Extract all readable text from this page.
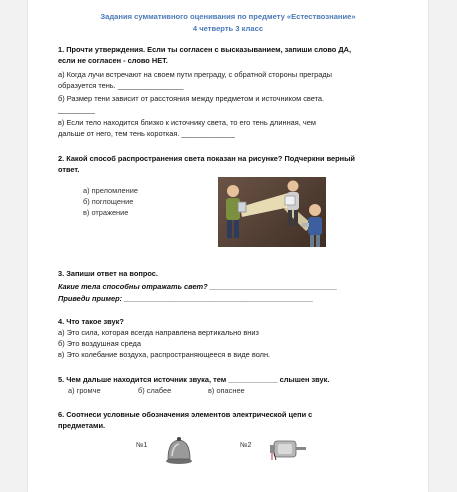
Задания суммативного оценивания по предмету «Естествознание»
4 четверть 3 класс
1. Прочти утверждения. Если ты согласен с высказыванием, запиши слово ДА,
если не согласен - слово НЕТ.
а) Когда лучи встречают на своем пути преграду, с обратной стороны преграды
образуется тень. ________________
б) Размер тени зависит от расстояния между предметом и источником света.
_________
в) Если тело находится близко к источнику света, то его тень длинная, чем
дальше от него, тем тень короткая. _____________
2. Какой способ распространения света показан на рисунке? Подчеркни верный
ответ.
а) преломление
б) поглощение
в) отражение
3. Запиши ответ на вопрос.
Какие тела способны отражать свет? _______________________________
Приведи пример: ______________________________________________
4. Что такое звук?
а) Это сила, которая всегда направлена вертикально вниз
б) Это воздушная среда
в) Это колебание воздуха, распространяющееся в виде волн.
5. Чем дальше находится источник звука, тем ____________ слышен звук.
а) громче	б) слабее	в) опаснее
6. Соотнеси условные обозначения элементов электрической цепи с
предметами.
№1	№2
